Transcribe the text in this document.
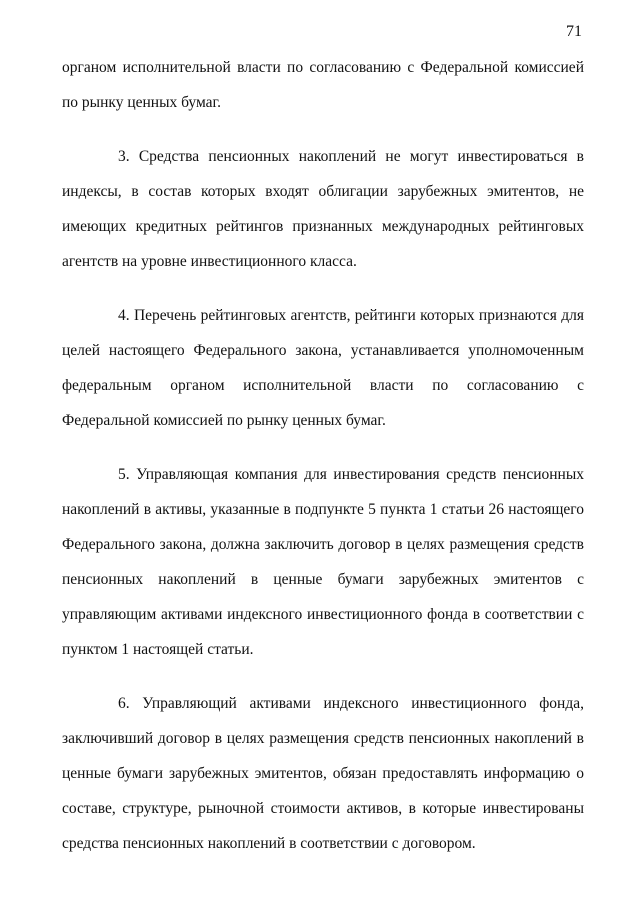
71

органом исполнительной власти по согласованию с Федеральной комиссией по рынку ценных бумаг.

3. Средства пенсионных накоплений не могут инвестироваться в индексы, в состав которых входят облигации зарубежных эмитентов, не имеющих кредитных рейтингов признанных международных рейтинговых агентств на уровне инвестиционного класса.

4. Перечень рейтинговых агентств, рейтинги которых признаются для целей настоящего Федерального закона, устанавливается уполномоченным федеральным органом исполнительной власти по согласованию с Федеральной комиссией по рынку ценных бумаг.

5. Управляющая компания для инвестирования средств пенсионных накоплений в активы, указанные в подпункте 5 пункта 1 статьи 26 настоящего Федерального закона, должна заключить договор в целях размещения средств пенсионных накоплений в ценные бумаги зарубежных эмитентов с управляющим активами индексного инвестиционного фонда в соответствии с пунктом 1 настоящей статьи.

6. Управляющий активами индексного инвестиционного фонда, заключивший договор в целях размещения средств пенсионных накоплений в ценные бумаги зарубежных эмитентов, обязан предоставлять информацию о составе, структуре, рыночной стоимости активов, в которые инвестированы средства пенсионных накоплений в соответствии с договором.
